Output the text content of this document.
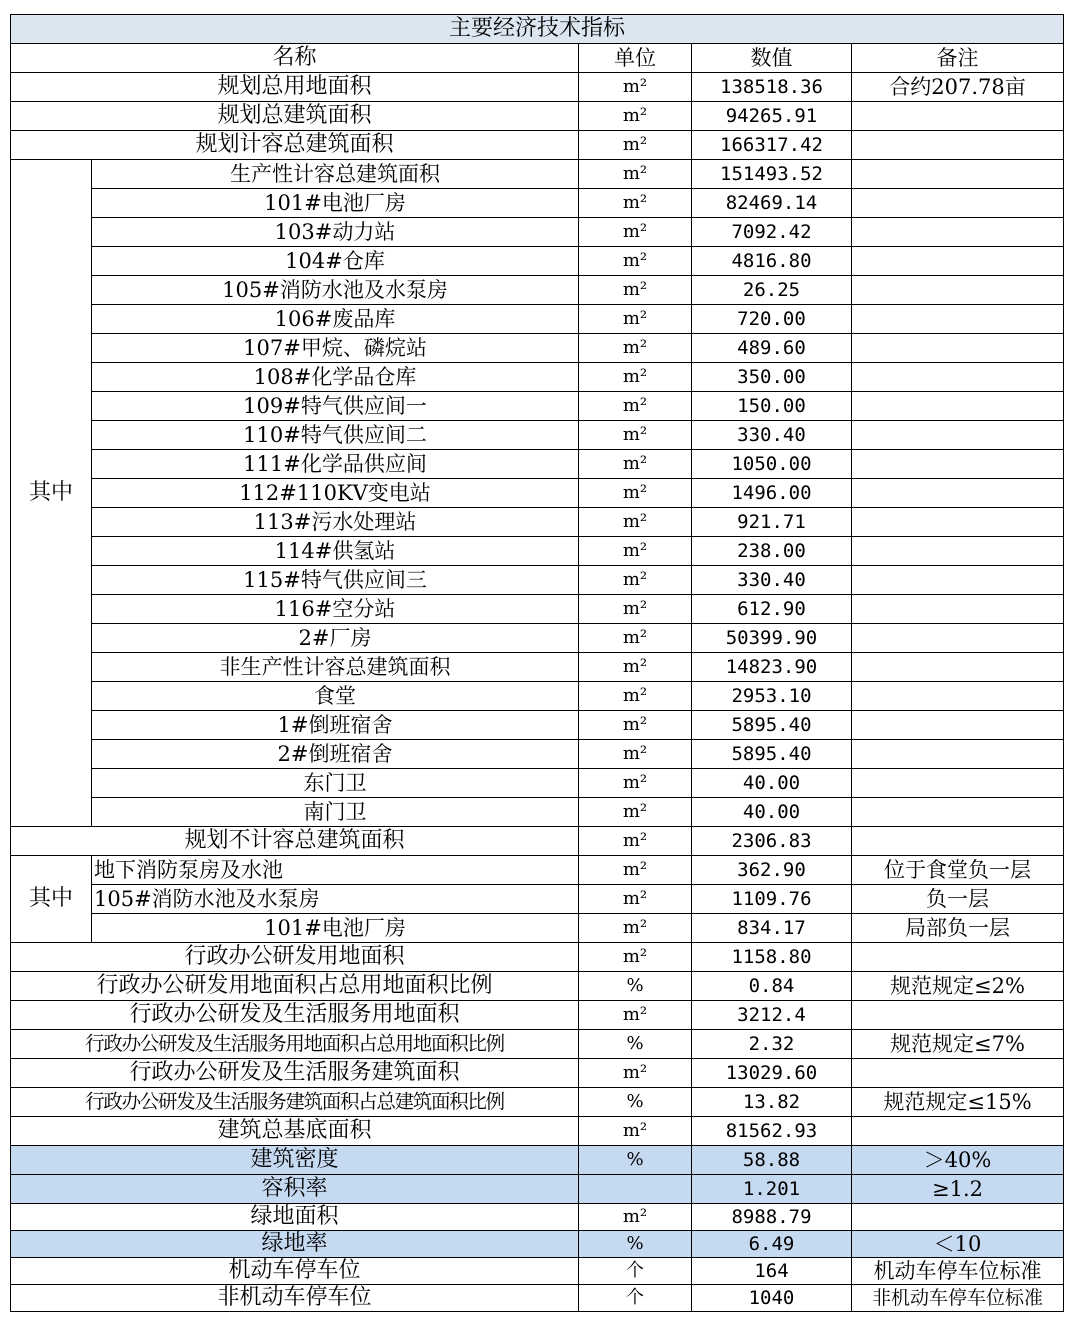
主要经济技术指标				
名称		单位	数值	备注
规划总用地面积		m²	138518.36	合约207.78亩
规划总建筑面积		m²	94265.91	
规划计容总建筑面积		m²	166317.42	
其中	生产性计容总建筑面积	m²	151493.52	
	101#电池厂房	m²	82469.14	
	103#动力站	m²	7092.42	
	104#仓库	m²	4816.80	
	105#消防水池及水泵房	m²	26.25	
	106#废品库	m²	720.00	
	107#甲烷、磷烷站	m²	489.60	
	108#化学品仓库	m²	350.00	
	109#特气供应间一	m²	150.00	
	110#特气供应间二	m²	330.40	
	111#化学品供应间	m²	1050.00	
	112#110KV变电站	m²	1496.00	
	113#污水处理站	m²	921.71	
	114#供氢站	m²	238.00	
	115#特气供应间三	m²	330.40	
	116#空分站	m²	612.90	
	2#厂房	m²	50399.90	
	非生产性计容总建筑面积	m²	14823.90	
	食堂	m²	2953.10	
	1#倒班宿舍	m²	5895.40	
	2#倒班宿舍	m²	5895.40	
	东门卫	m²	40.00	
	南门卫	m²	40.00	
规划不计容总建筑面积		m²	2306.83	
其中	地下消防泵房及水池	m²	362.90	位于食堂负一层
	105#消防水池及水泵房	m²	1109.76	负一层
	101#电池厂房	m²	834.17	局部负一层
行政办公研发用地面积		m²	1158.80	
行政办公研发用地面积占总用地面积比例		%	0.84	规范规定≤2%
行政办公研发及生活服务用地面积		m²	3212.4	
行政办公研发及生活服务用地面积占总用地面积比例		%	2.32	规范规定≤7%
行政办公研发及生活服务建筑面积		m²	13029.60	
行政办公研发及生活服务建筑面积占总建筑面积比例		%	13.82	规范规定≤15%
建筑总基底面积		m²	81562.93	
建筑密度		%	58.88	＞40%
容积率			1.201	≥1.2
绿地面积		m²	8988.79	
绿地率		%	6.49	＜10
机动车停车位		个	164	机动车停车位标准
非机动车停车位		个	1040	非机动车停车位标准
